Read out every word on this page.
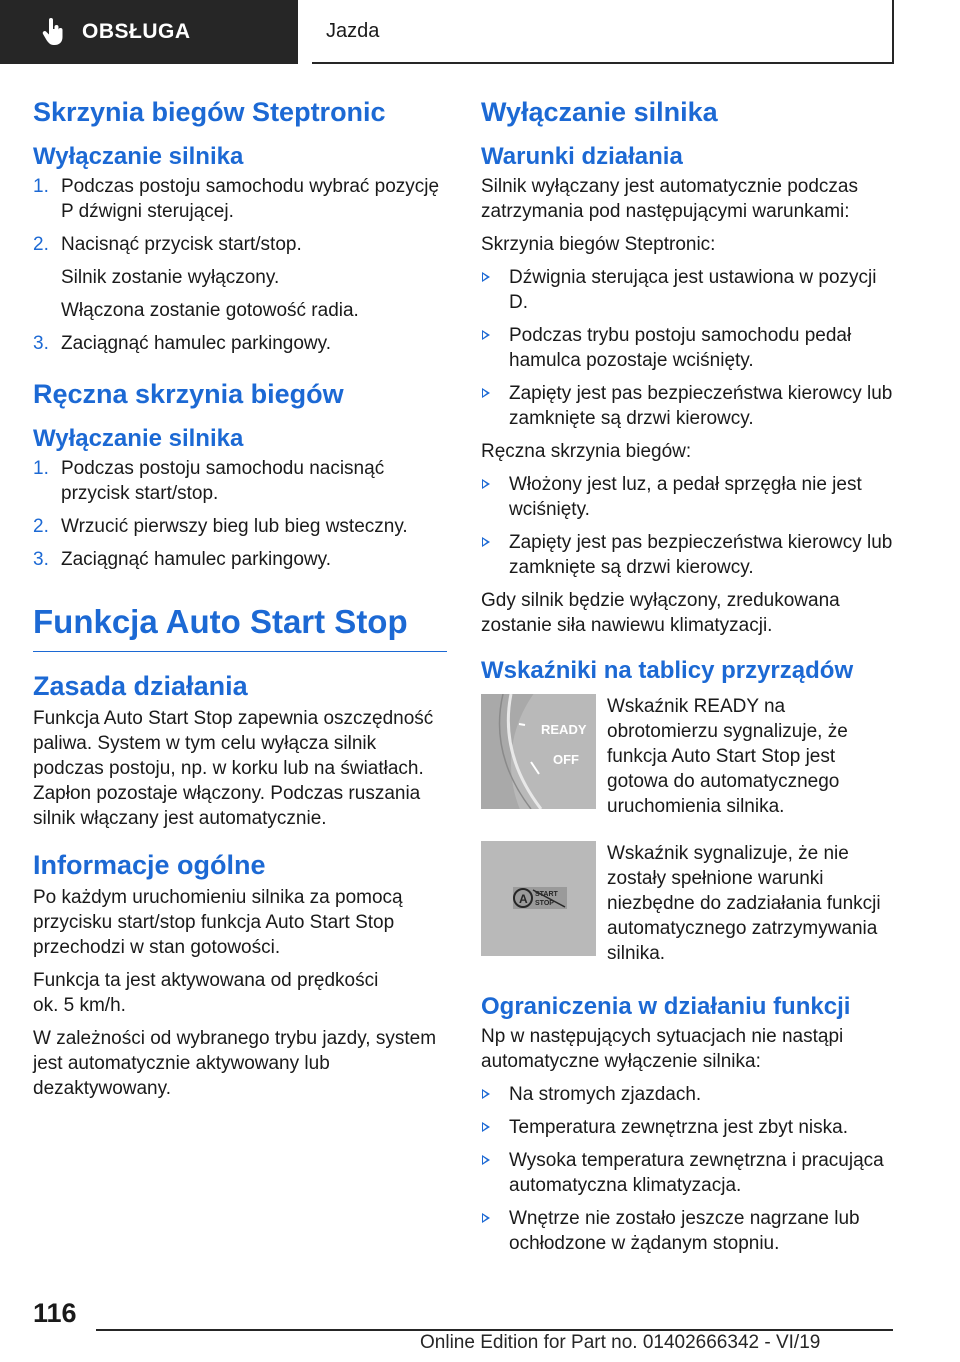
OBSŁUGA	Jazda
Skrzynia biegów Steptronic
Wyłączanie silnika
1. Podczas postoju samochodu wybrać pozycję P dźwigni sterującej.
2. Nacisnąć przycisk start/stop.
Silnik zostanie wyłączony.
Włączona zostanie gotowość radia.
3. Zaciągnąć hamulec parkingowy.
Ręczna skrzynia biegów
Wyłączanie silnika
1. Podczas postoju samochodu nacisnąć przycisk start/stop.
2. Wrzucić pierwszy bieg lub bieg wsteczny.
3. Zaciągnąć hamulec parkingowy.
Funkcja Auto Start Stop
Zasada działania

Funkcja Auto Start Stop zapewnia oszczędność paliwa. System w tym celu wyłącza silnik podczas postoju, np. w korku lub na światłach. Zapłon pozostaje włączony. Podczas ruszania silnik włączany jest automatycznie.

Informacje ogólne

Po każdym uruchomieniu silnika za pomocą przycisku start/stop funkcja Auto Start Stop przechodzi w stan gotowości.

Funkcja ta jest aktywowana od prędkości ok. 5 km/h.

W zależności od wybranego trybu jazdy, system jest automatycznie aktywowany lub dezaktywowany.

Wyłączanie silnika
Warunki działania

Silnik wyłączany jest automatycznie podczas zatrzymania pod następującymi warunkami:

Skrzynia biegów Steptronic:

Dźwignia sterująca jest ustawiona w pozycji D.
Podczas trybu postoju samochodu pedał hamulca pozostaje wciśnięty.
Zapięty jest pas bezpieczeństwa kierowcy lub zamknięte są drzwi kierowcy.

Ręczna skrzynia biegów:

Włożony jest luz, a pedał sprzęgła nie jest wciśnięty.
Zapięty jest pas bezpieczeństwa kierowcy lub zamknięte są drzwi kierowcy.

Gdy silnik będzie wyłączony, zredukowana zostanie siła nawiewu klimatyzacji.

Wskaźniki na tablicy przyrządów
READY
OFF
Wskaźnik READY na obrotomierzu sygnalizuje, że funkcja Auto Start Stop jest gotowa do automatycznego uruchomienia silnika.
A START
STOP
Wskaźnik sygnalizuje, że nie zostały spełnione warunki niezbędne do zadziałania funkcji automatycznego zatrzymywania silnika.
Ograniczenia w działaniu funkcji

Np w następujących sytuacjach nie nastąpi automatyczne wyłączenie silnika:

Na stromych zjazdach.
Temperatura zewnętrzna jest zbyt niska.
Wysoka temperatura zewnętrzna i pracująca automatyczna klimatyzacja.
Wnętrze nie zostało jeszcze nagrzane lub ochłodzone w żądanym stopniu.
116
Online Edition for Part no. 01402666342 - VI/19
